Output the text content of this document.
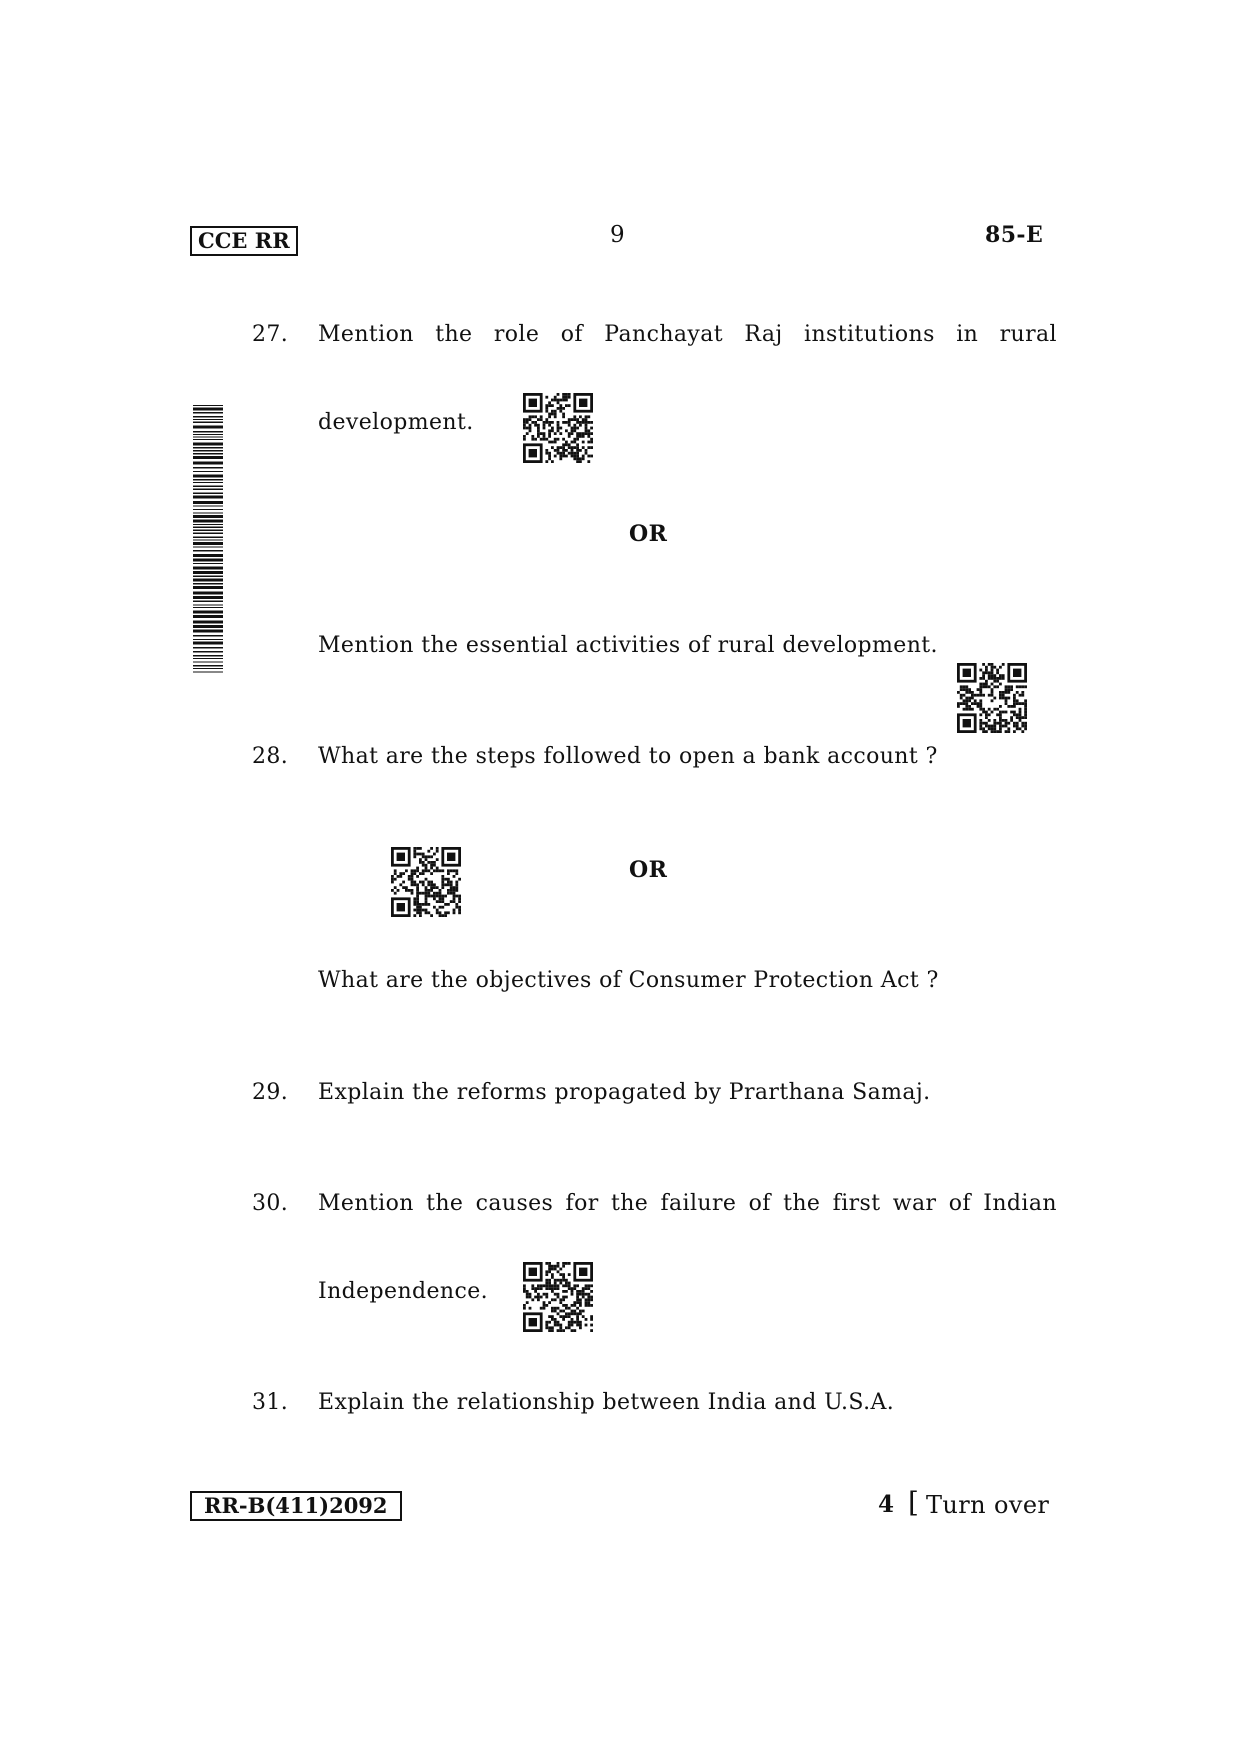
CCE RR	9	85-E
27.	Mention the role of Panchayat Raj institutions in rural
development.
OR
Mention the essential activities of rural development.
28.	What are the steps followed to open a bank account ?
OR
What are the objectives of Consumer Protection Act ?
29.	Explain the reforms propagated by Prarthana Samaj.
30.	Mention the causes for the failure of the first war of Indian
Independence.
31.	Explain the relationship between India and U.S.A.
RR-B(411)2092	4 [ Turn over
